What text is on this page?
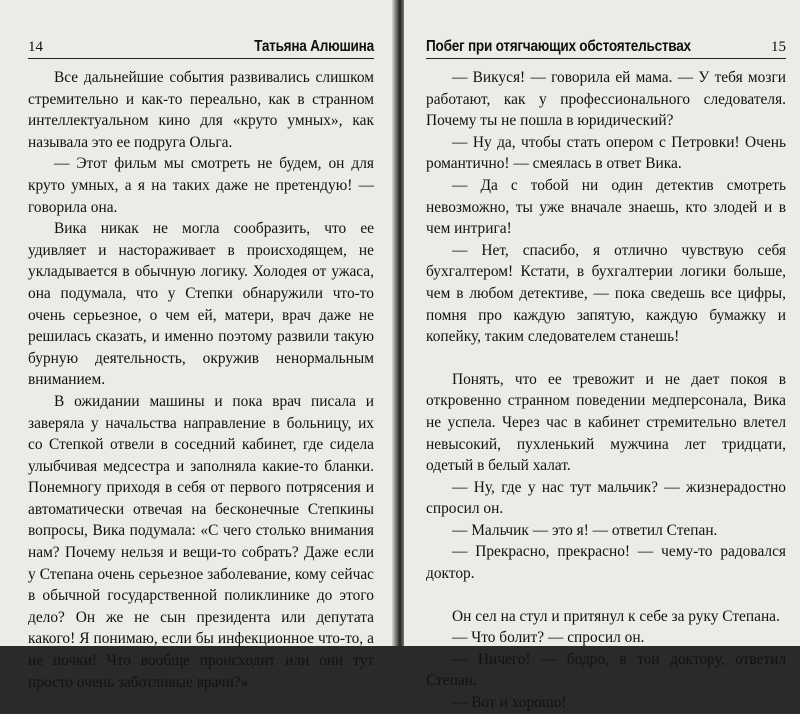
14	Татьяна Алюшина

Все дальнейшие события развивались слишком стремительно и как-то переально, как в странном интеллектуальном кино для «круто умных», как называла это ее подруга Ольга.

— Этот фильм мы смотреть не будем, он для круто умных, а я на таких даже не претендую! — говорила она.

Вика никак не могла сообразить, что ее удивляет и настораживает в происходящем, не укладывается в обычную логику. Холодея от ужаса, она подумала, что у Степки обнаружили что-то очень серьезное, о чем ей, матери, врач даже не решилась сказать, и именно поэтому развили такую бурную деятельность, окружив ненормальным вниманием.

В ожидании машины и пока врач писала и заверяла у начальства направление в больницу, их со Степкой отвели в соседний кабинет, где сидела улыбчивая медсестра и заполняла какие-то бланки. Понемногу приходя в себя от первого потрясения и автоматически отвечая на бесконечные Степкины вопросы, Вика подумала: «С чего столько внимания нам? Почему нельзя и вещи-то собрать? Даже если у Степана очень серьезное заболевание, кому сейчас в обычной государственной поликлинике до этого дело? Он же не сын президента или депутата какого! Я понимаю, если бы инфекционное что-то, а не почки! Что вообще происходит или они тут просто очень заботливые врачи?»

Побег при отягчающих обстоятельствах	15

— Викуся! — говорила ей мама. — У тебя мозги работают, как у профессионального следователя. Почему ты не пошла в юридический?

— Ну да, чтобы стать опером с Петровки! Очень романтично! — смеялась в ответ Вика.

— Да с тобой ни один детектив смотреть невозможно, ты уже вначале знаешь, кто злодей и в чем интрига!

— Нет, спасибо, я отлично чувствую себя бухгалтером! Кстати, в бухгалтерии логики больше, чем в любом детективе, — пока сведешь все цифры, помня про каждую запятую, каждую бумажку и копейку, таким следователем станешь!

Понять, что ее тревожит и не дает покоя в откровенно странном поведении медперсонала, Вика не успела. Через час в кабинет стремительно влетел невысокий, пухленький мужчина лет тридцати, одетый в белый халат.

— Ну, где у нас тут мальчик? — жизнерадостно спросил он.

— Мальчик — это я! — ответил Степан.

— Прекрасно, прекрасно! — чему-то радовался доктор.

Он сел на стул и притянул к себе за руку Степана.

— Что болит? — спросил он.

— Ничего! — бодро, в тон доктору, ответил Степан.

— Вот и хорошо!
